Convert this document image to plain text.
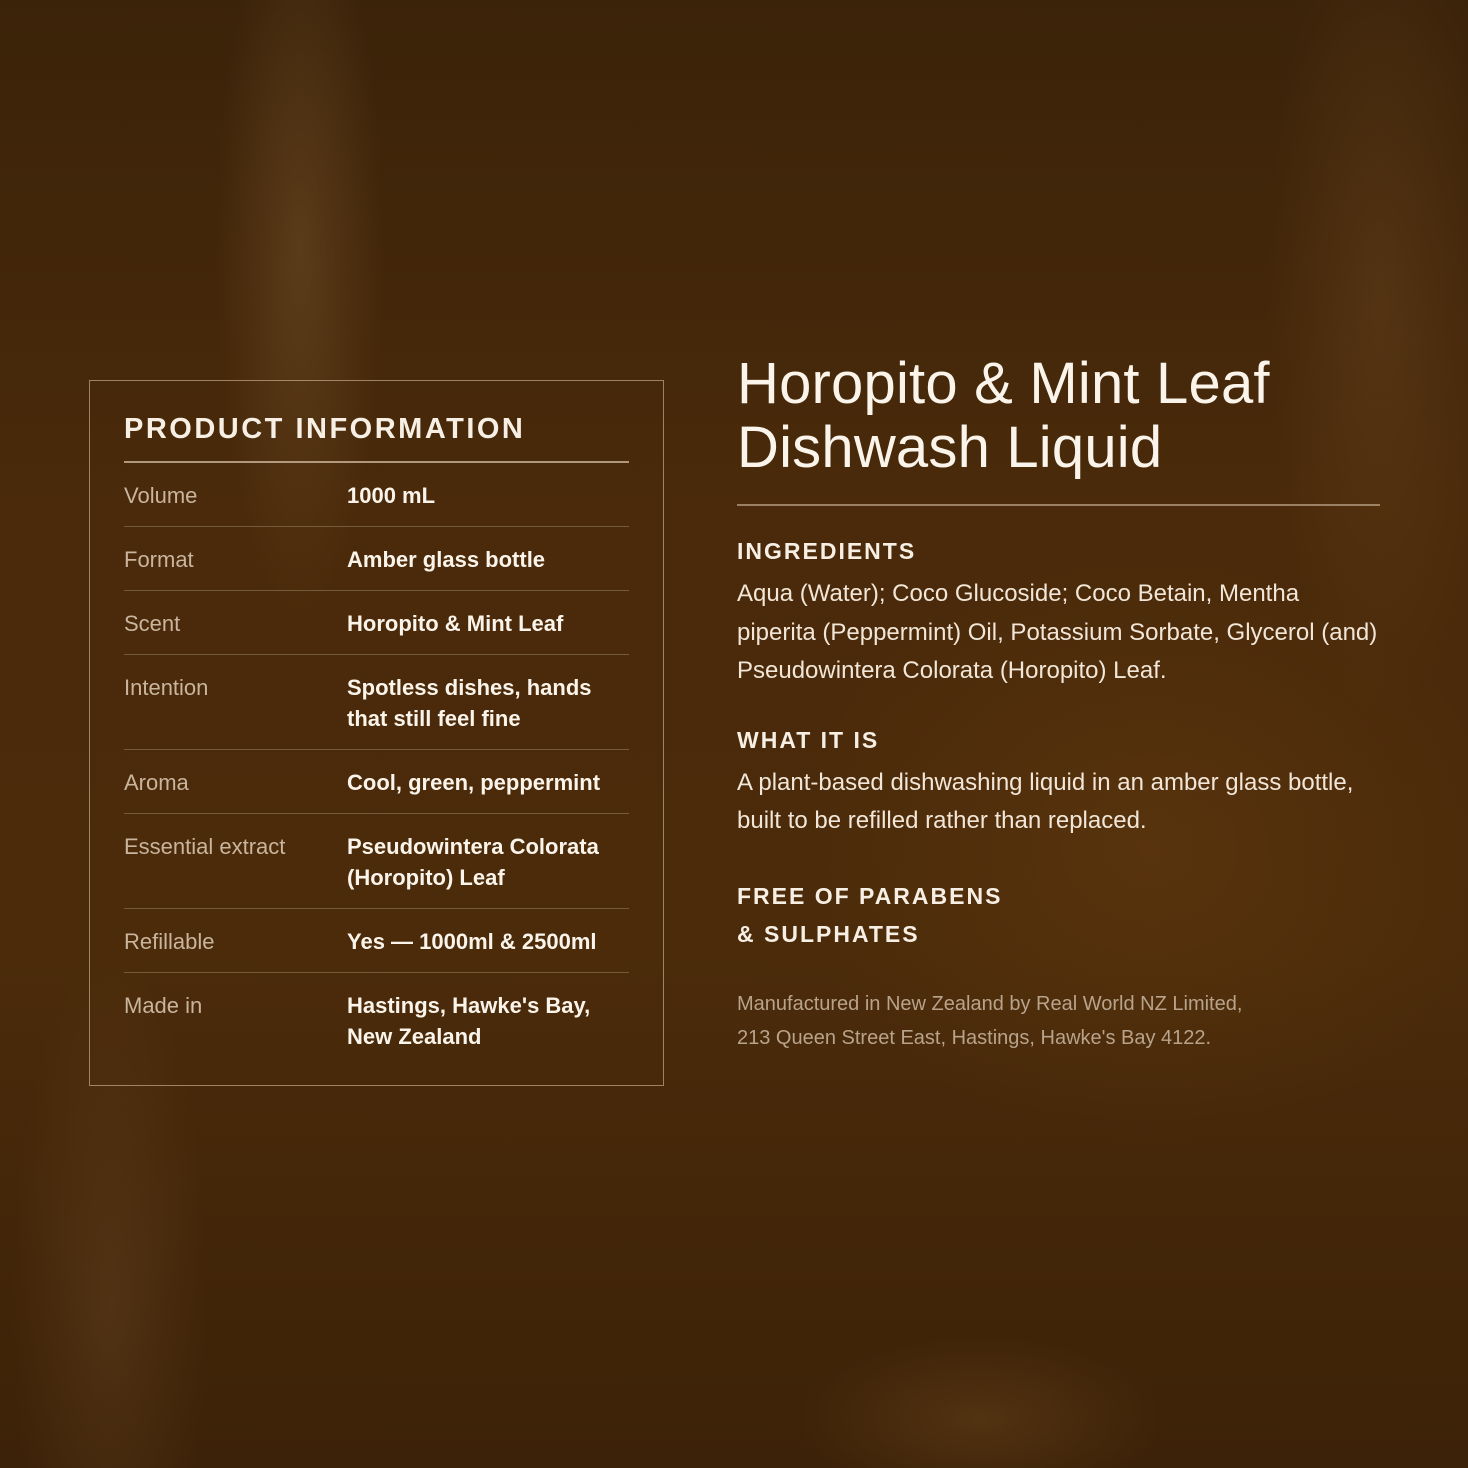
PRODUCT INFORMATION
Volume	1000 mL
Format	Amber glass bottle
Scent	Horopito & Mint Leaf
Intention	Spotless dishes, hands that still feel fine
Aroma	Cool, green, peppermint
Essential extract	Pseudowintera Colorata (Horopito) Leaf
Refillable	Yes — 1000ml & 2500ml
Made in	Hastings, Hawke's Bay, New Zealand
Horopito & Mint Leaf
Dishwash Liquid
INGREDIENTS

Aqua (Water); Coco Glucoside; Coco Betain, Mentha piperita (Peppermint) Oil, Potassium Sorbate, Glycerol (and) Pseudowintera Colorata (Horopito) Leaf.

WHAT IT IS

A plant-based dishwashing liquid in an amber glass bottle, built to be refilled rather than replaced.

FREE OF PARABENS
& SULPHATES

Manufactured in New Zealand by Real World NZ Limited,
213 Queen Street East, Hastings, Hawke's Bay 4122.
